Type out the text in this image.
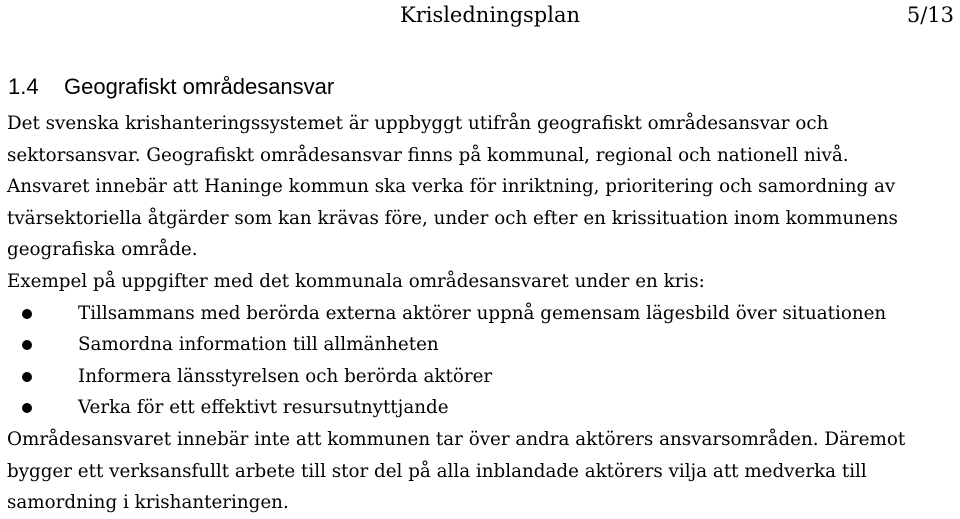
Krisledningsplan	5/13
1.4 Geografiskt områdesansvar

Det svenska krishanteringssystemet är uppbyggt utifrån geografiskt områdesansvar och sektorsansvar. Geografiskt områdesansvar finns på kommunal, regional och nationell nivå.

Ansvaret innebär att Haninge kommun ska verka för inriktning, prioritering och samordning av tvärsektoriella åtgärder som kan krävas före, under och efter en krissituation inom kommunens geografiska område.

Exempel på uppgifter med det kommunala områdesansvaret under en kris:

Tillsammans med berörda externa aktörer uppnå gemensam lägesbild över situationen
Samordna information till allmänheten
Informera länsstyrelsen och berörda aktörer
Verka för ett effektivt resursutnyttjande

Områdesansvaret innebär inte att kommunen tar över andra aktörers ansvarsområden. Däremot bygger ett verksansfullt arbete till stor del på alla inblandade aktörers vilja att medverka till samordning i krishanteringen.
